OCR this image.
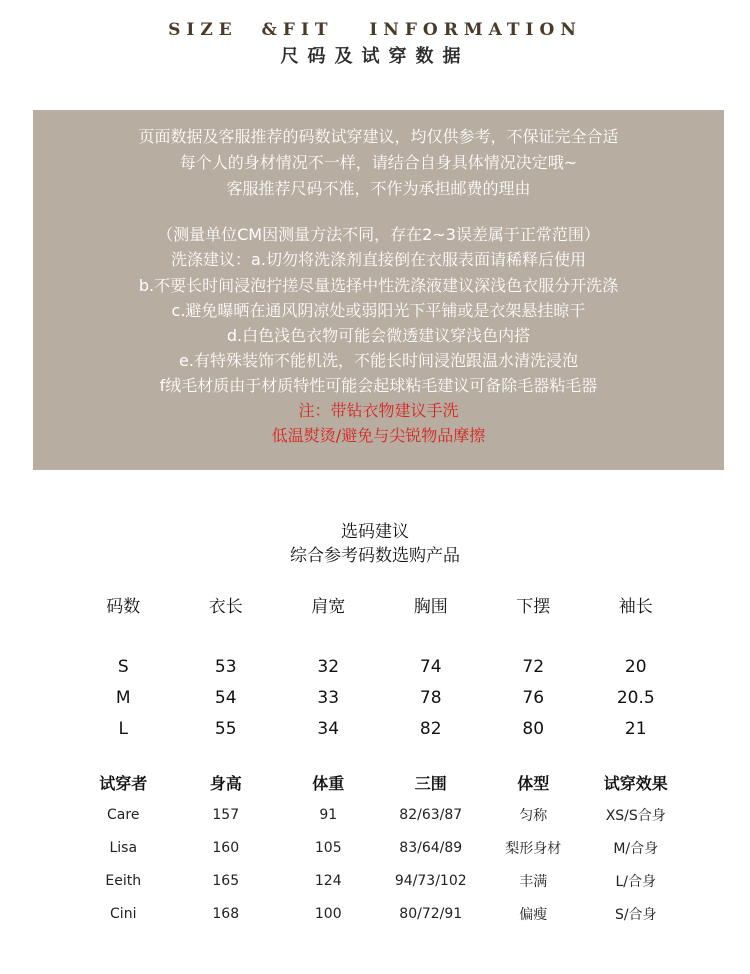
SIZE  &FIT   INFORMATION
尺码及试穿数据
页面数据及客服推荐的码数试穿建议，均仅供参考，不保证完全合适
每个人的身材情况不一样，请结合自身具体情况决定哦~
客服推荐尺码不准，不作为承担邮费的理由
（测量单位CM因测量方法不同，存在2~3误差属于正常范围）
洗涤建议：a.切勿将洗涤剂直接倒在衣服表面请稀释后使用
b.不要长时间浸泡拧搓尽量选择中性洗涤液建议深浅色衣服分开洗涤
c.避免曝晒在通风阴凉处或弱阳光下平铺或是衣架悬挂晾干
d.白色浅色衣物可能会微透建议穿浅色内搭
e.有特殊装饰不能机洗，不能长时间浸泡跟温水清洗浸泡
f绒毛材质由于材质特性可能会起球粘毛建议可备除毛器粘毛器
注：带钻衣物建议手洗
低温熨烫/避免与尖锐物品摩擦
选码建议
综合参考码数选购产品
码数	衣长	肩宽	胸围	下摆	袖长

S	53	32	74	72	20
M	54	33	78	76	20.5
L	55	34	82	80	21
试穿者	身高	体重	三围	体型	试穿效果
Care	157	91	82/63/87	匀称	XS/S合身
Lisa	160	105	83/64/89	梨形身材	M/合身
Eeith	165	124	94/73/102	丰满	L/合身
Cini	168	100	80/72/91	偏瘦	S/合身
